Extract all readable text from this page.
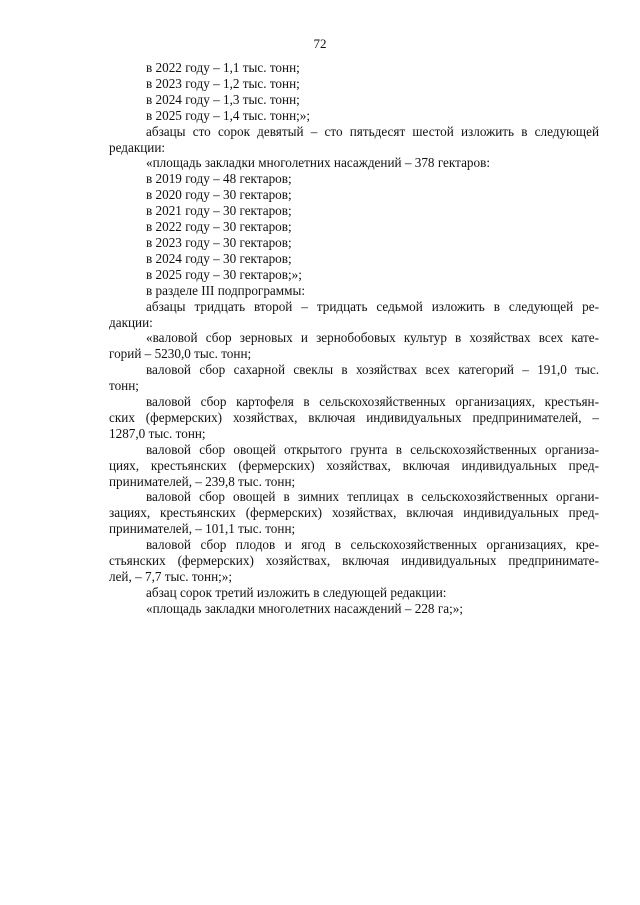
72
в 2022 году – 1,1 тыс. тонн;
в 2023 году – 1,2 тыс. тонн;
в 2024 году – 1,3 тыс. тонн;
в 2025 году – 1,4 тыс. тонн;»;
абзацы сто сорок девятый – сто пятьдесят шестой изложить в следующей
редакции:
«площадь закладки многолетних насаждений – 378 гектаров:
в 2019 году – 48 гектаров;
в 2020 году – 30 гектаров;
в 2021 году – 30 гектаров;
в 2022 году – 30 гектаров;
в 2023 году – 30 гектаров;
в 2024 году – 30 гектаров;
в 2025 году – 30 гектаров;»;
в разделе III подпрограммы:
абзацы тридцать второй – тридцать седьмой изложить в следующей ре-
дакции:
«валовой сбор зерновых и зернобобовых культур в хозяйствах всех кате-
горий – 5230,0 тыс. тонн;
валовой сбор сахарной свеклы в хозяйствах всех категорий – 191,0 тыс.
тонн;
валовой сбор картофеля в сельскохозяйственных организациях, крестьян-
ских (фермерских) хозяйствах, включая индивидуальных предпринимателей, –
1287,0 тыс. тонн;
валовой сбор овощей открытого грунта в сельскохозяйственных организа-
циях, крестьянских (фермерских) хозяйствах, включая индивидуальных пред-
принимателей, – 239,8 тыс. тонн;
валовой сбор овощей в зимних теплицах в сельскохозяйственных органи-
зациях, крестьянских (фермерских) хозяйствах, включая индивидуальных пред-
принимателей, – 101,1 тыс. тонн;
валовой сбор плодов и ягод в сельскохозяйственных организациях, кре-
стьянских (фермерских) хозяйствах, включая индивидуальных предпринимате-
лей, – 7,7 тыс. тонн;»;
абзац сорок третий изложить в следующей редакции:
«площадь закладки многолетних насаждений – 228 га;»;
